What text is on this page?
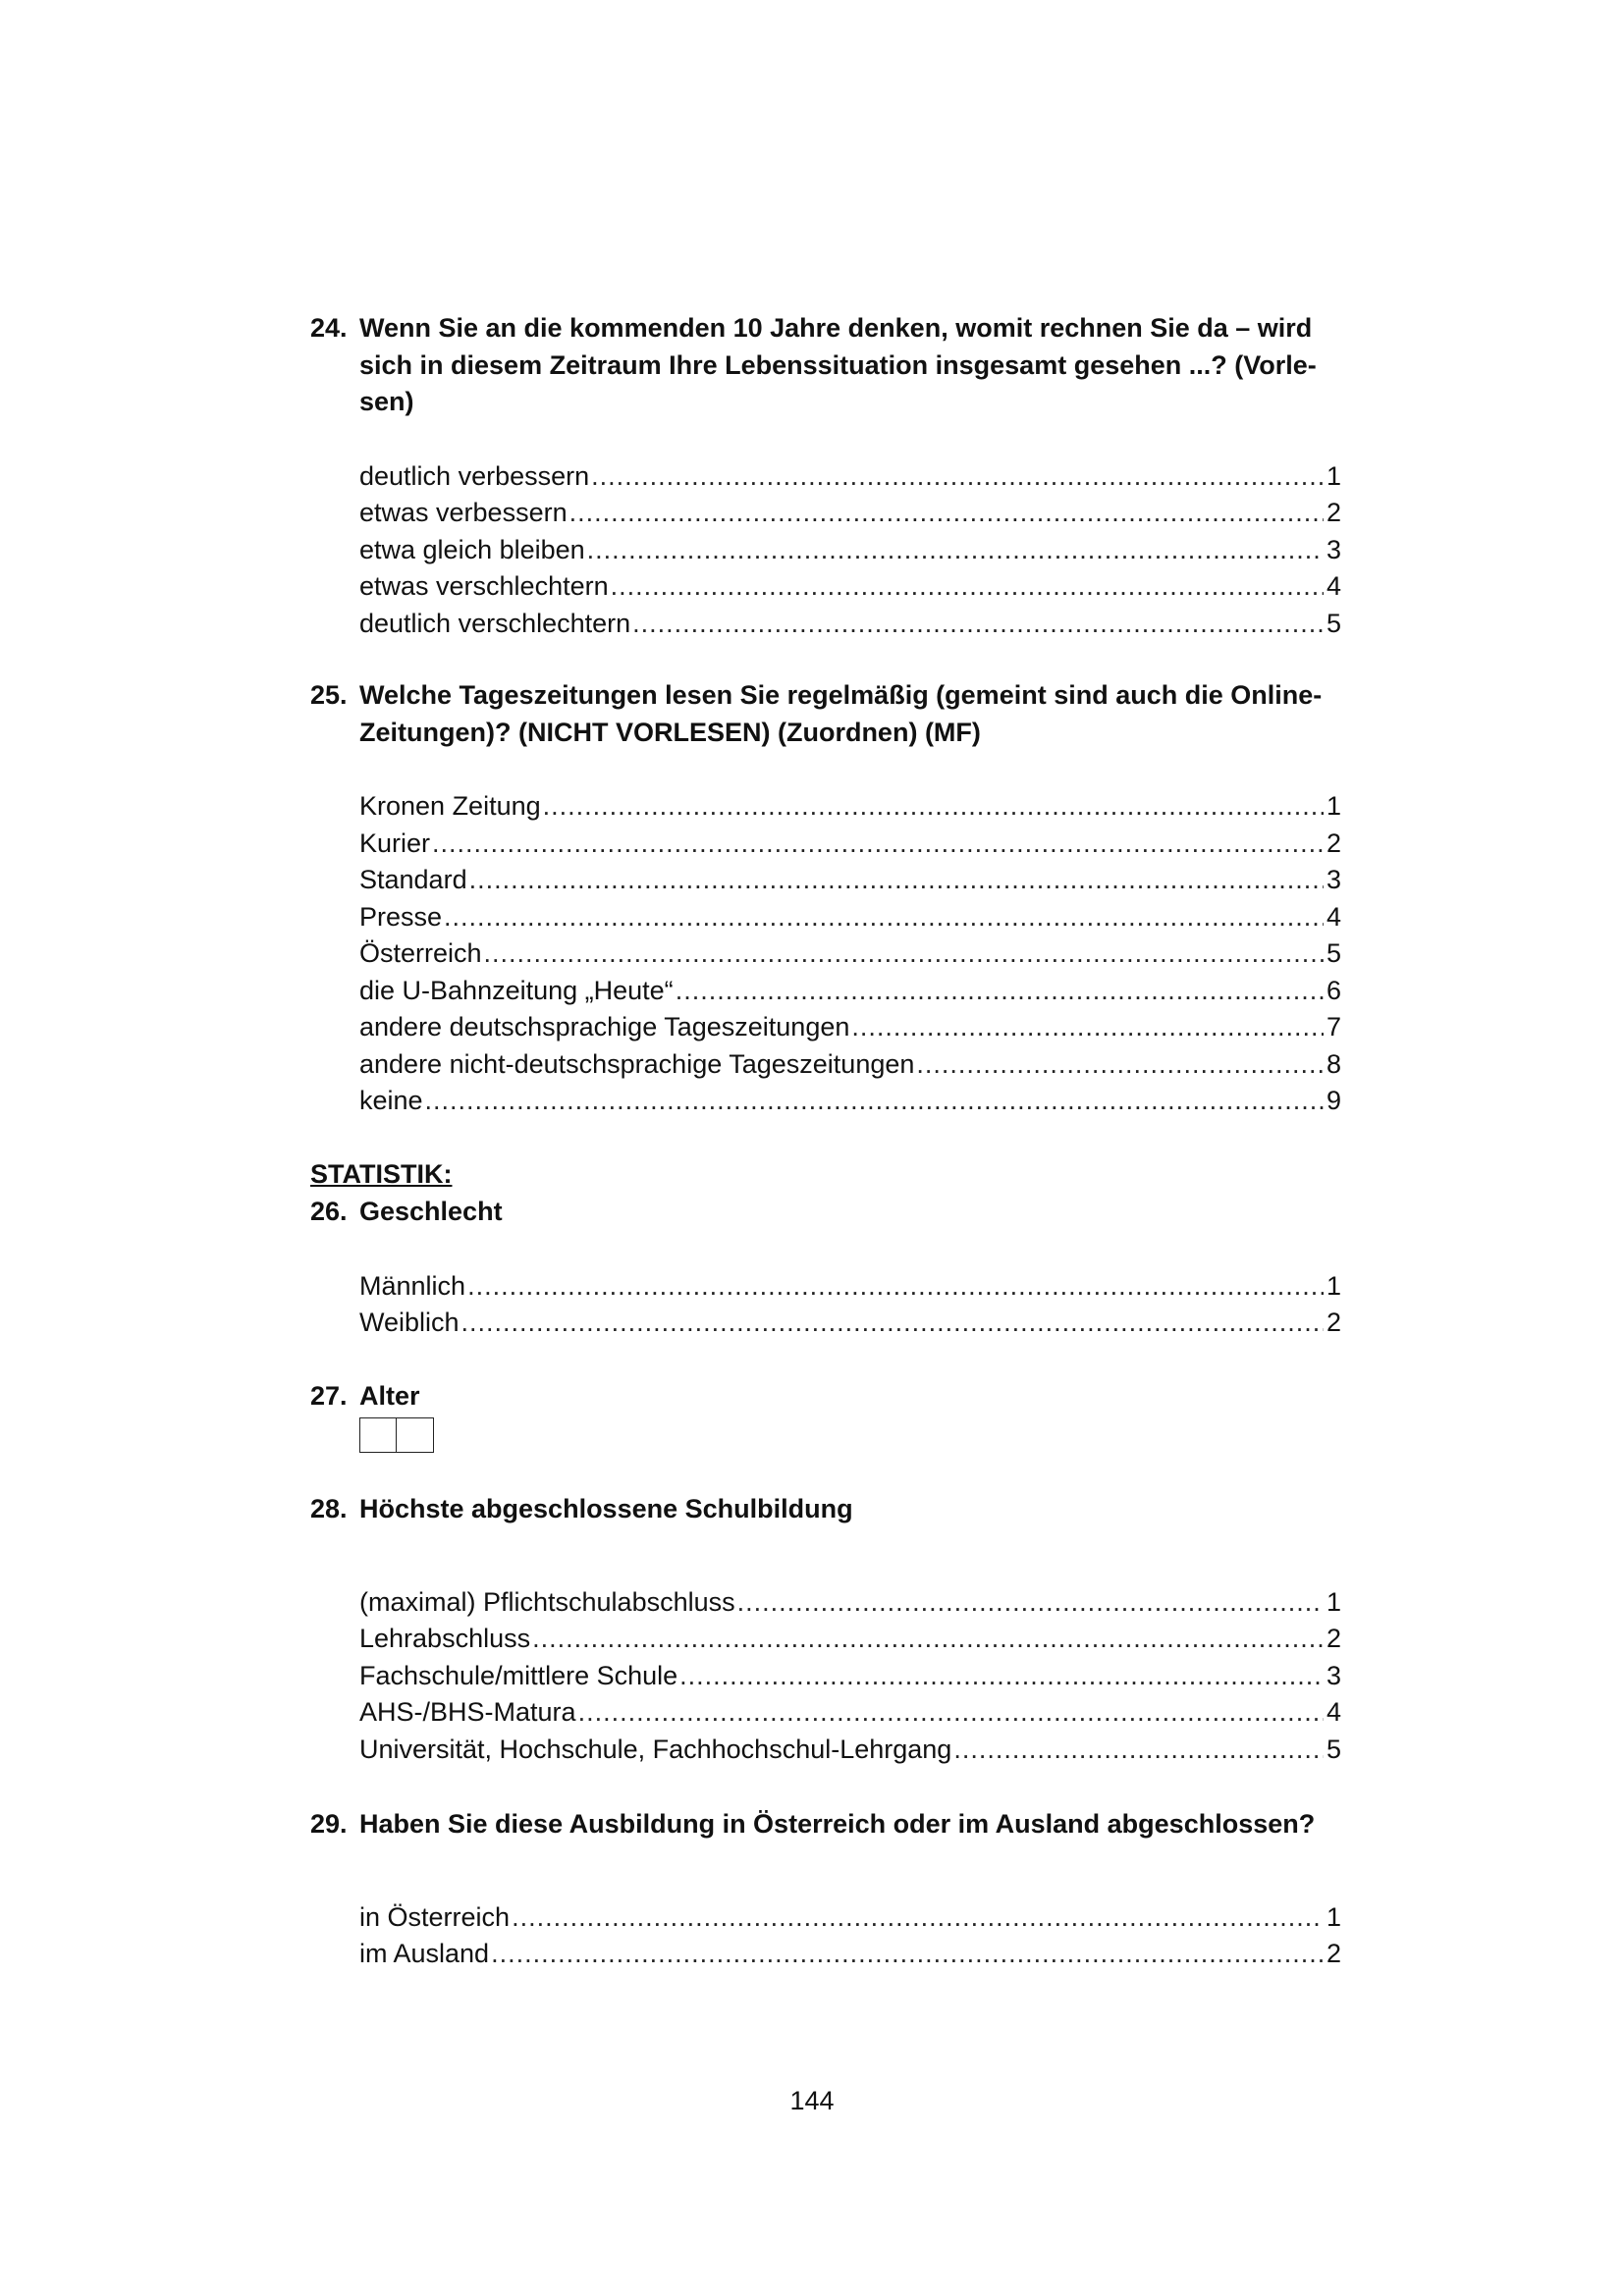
24. Wenn Sie an die kommenden 10 Jahre denken, womit rechnen Sie da – wird sich in diesem Zeitraum Ihre Lebenssituation insgesamt gesehen ...? (Vorle-
sen)
deutlich verbessern .....	1
etwas verbessern .....	2
etwa gleich bleiben .....	3
etwas verschlechtern .....	4
deutlich verschlechtern .....	5
25. Welche Tageszeitungen lesen Sie regelmäßig (gemeint sind auch die Online-
Zeitungen)? (NICHT VORLESEN) (Zuordnen) (MF)
Kronen Zeitung .....	1
Kurier .....	2
Standard .....	3
Presse .....	4
Österreich .....	5
die U-Bahnzeitung „Heute“ .....	6
andere deutschsprachige Tageszeitungen .....	7
andere nicht-deutschsprachige Tageszeitungen .....	8
keine .....	9
STATISTIK:
26. Geschlecht
Männlich .....	1
Weiblich .....	2
27. Alter
28. Höchste abgeschlossene Schulbildung
(maximal) Pflichtschulabschluss .....	1
Lehrabschluss .....	2
Fachschule/mittlere Schule .....	3
AHS-/BHS-Matura .....	4
Universität, Hochschule, Fachhochschul-Lehrgang .....	5
29. Haben Sie diese Ausbildung in Österreich oder im Ausland abgeschlossen?
in Österreich .....	1
im Ausland .....	2
144
